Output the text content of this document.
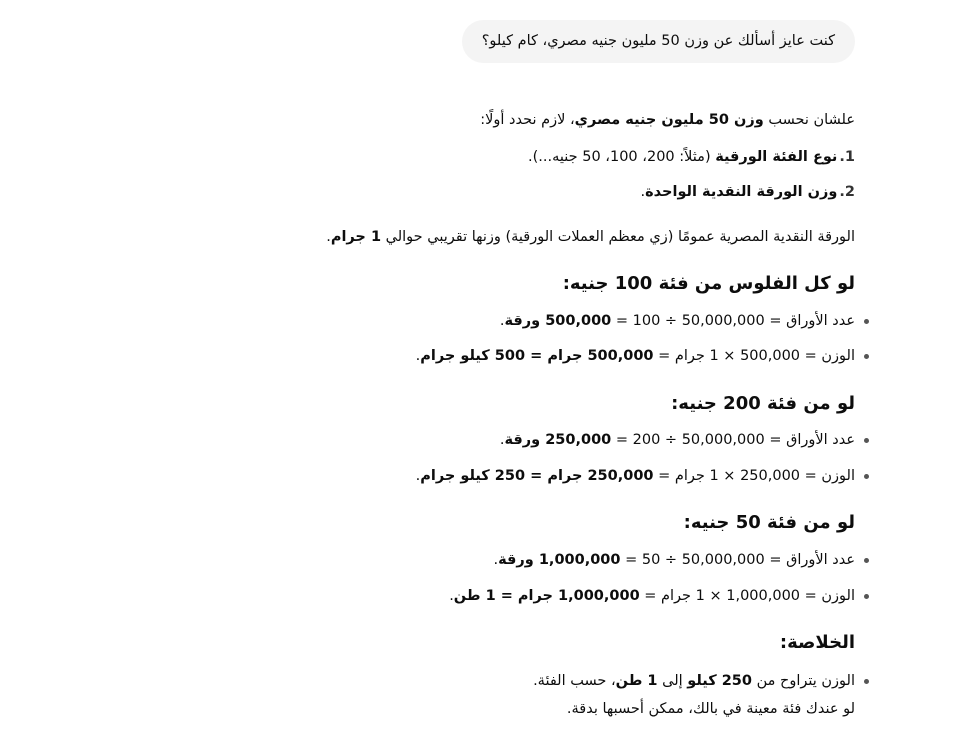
كنت عايز أسألك عن وزن 50 مليون جنيه مصري، كام كيلو؟
علشان نحسب وزن 50 مليون جنيه مصري، لازم نحدد أولًا:
1.نوع الفئة الورقية (مثلاً: 200، 100، 50 جنيه...).
2.وزن الورقة النقدية الواحدة.
الورقة النقدية المصرية عمومًا (زي معظم العملات الورقية) وزنها تقريبي حوالي 1 جرام.
لو كل الفلوس من فئة 100 جنيه:
عدد الأوراق = 50,000,000 ÷ 100 = 500,000 ورقة.
الوزن = 500,000 × 1 جرام = 500,000 جرام = 500 كيلو جرام.
لو من فئة 200 جنيه:
عدد الأوراق = 50,000,000 ÷ 200 = 250,000 ورقة.
الوزن = 250,000 × 1 جرام = 250,000 جرام = 250 كيلو جرام.
لو من فئة 50 جنيه:
عدد الأوراق = 50,000,000 ÷ 50 = 1,000,000 ورقة.
الوزن = 1,000,000 × 1 جرام = 1,000,000 جرام = 1 طن.
الخلاصة:
الوزن يتراوح من 250 كيلو إلى 1 طن، حسب الفئة.
لو عندك فئة معينة في بالك، ممكن أحسبها بدقة.
